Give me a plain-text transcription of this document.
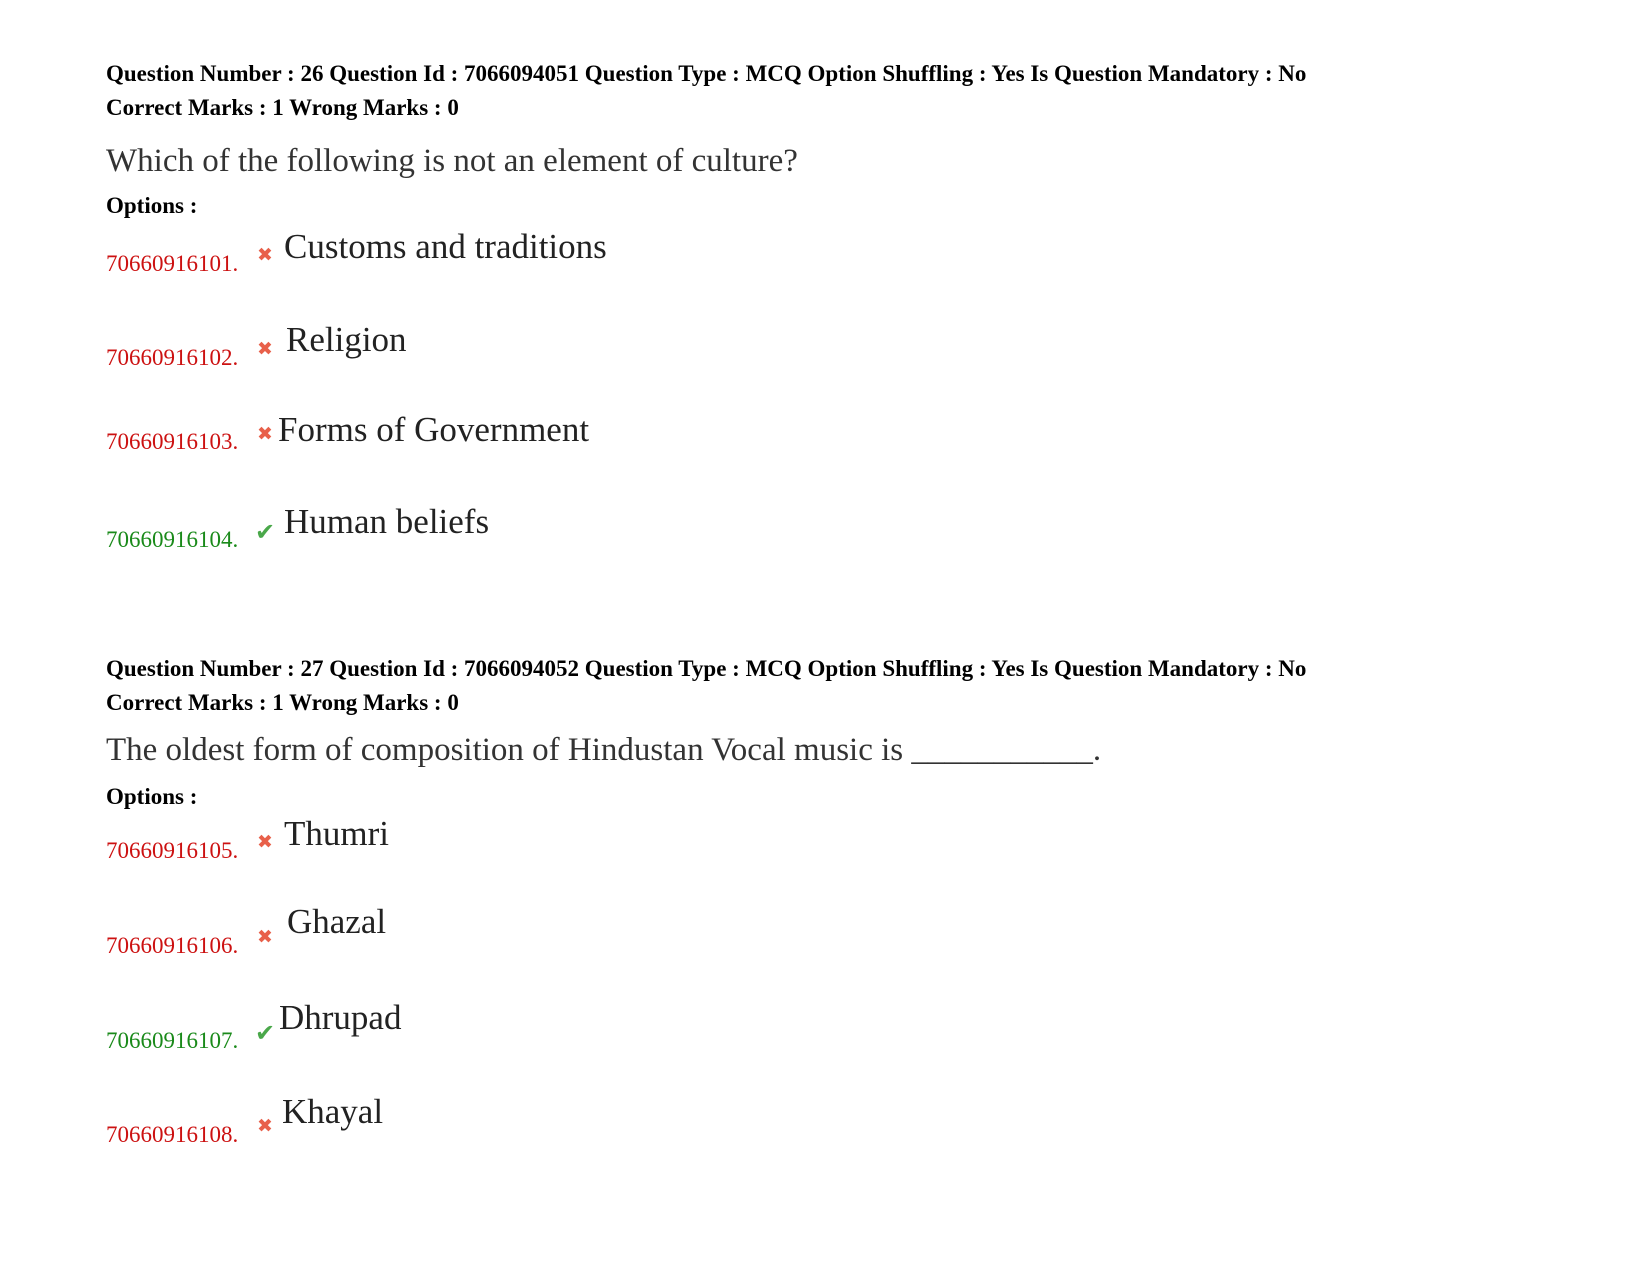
Question Number : 26 Question Id : 7066094051 Question Type : MCQ Option Shuffling : Yes Is Question Mandatory : No
Correct Marks : 1 Wrong Marks : 0
Which of the following is not an element of culture?
Options :
70660916101. ✖ Customs and traditions
70660916102. ✖ Religion
70660916103. ✖ Forms of Government
70660916104. ✔ Human beliefs
Question Number : 27 Question Id : 7066094052 Question Type : MCQ Option Shuffling : Yes Is Question Mandatory : No
Correct Marks : 1 Wrong Marks : 0
The oldest form of composition of Hindustan Vocal music is ___________.
Options :
70660916105. ✖ Thumri
70660916106. ✖ Ghazal
70660916107. ✔ Dhrupad
70660916108. ✖ Khayal
